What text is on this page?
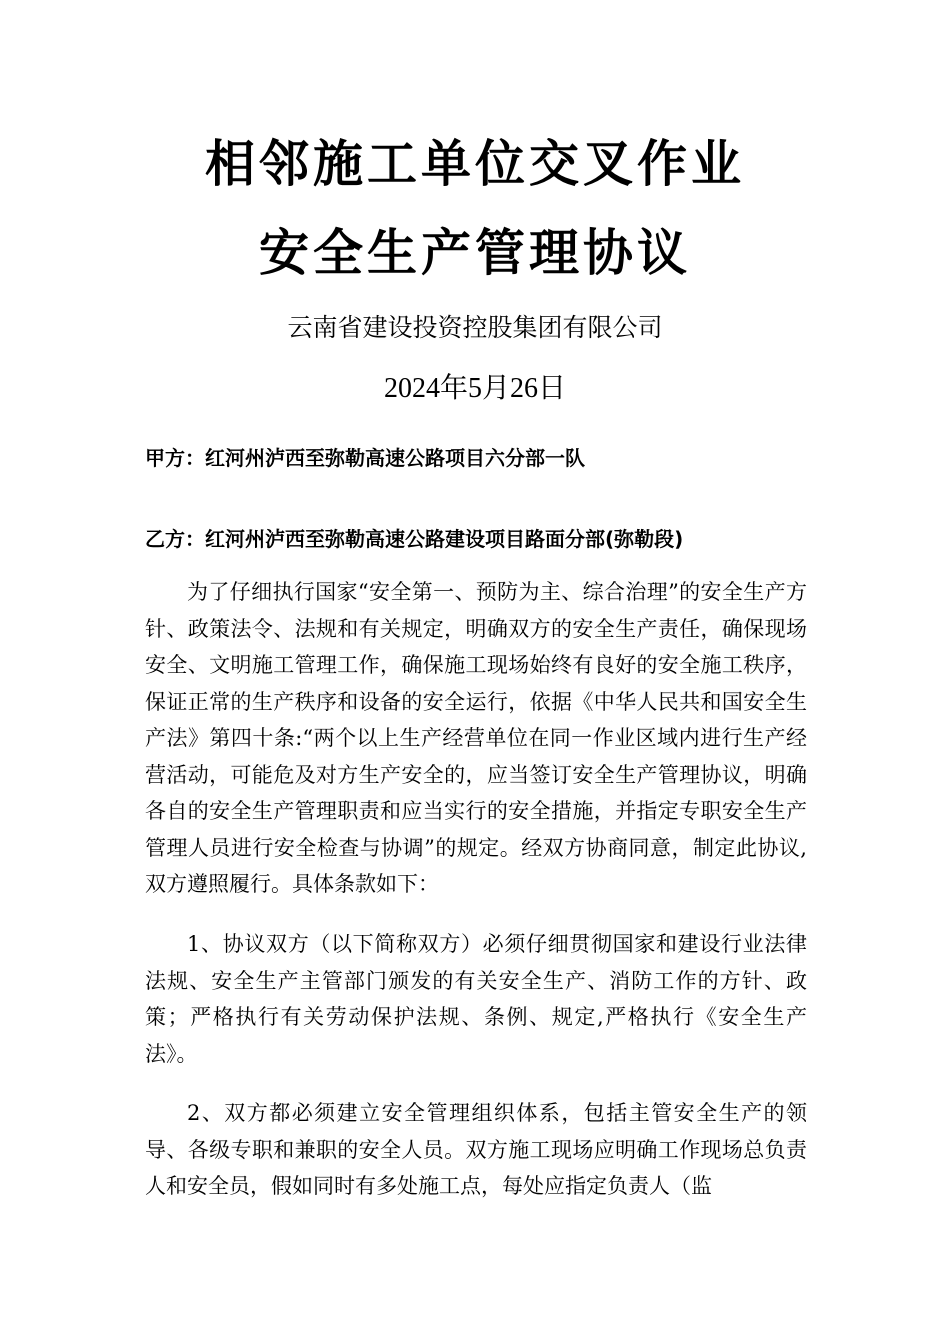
相邻施工单位交叉作业
安全生产管理协议
云南省建设投资控股集团有限公司
2024年5月26日
甲方：红河州泸西至弥勒高速公路项目六分部一队
乙方：红河州泸西至弥勒高速公路建设项目路面分部(弥勒段)

为了仔细执行国家“安全第一、预防为主、综合治理”的安全生产方针、政策法令、法规和有关规定，明确双方的安全生产责任，确保现场安全、文明施工管理工作，确保施工现场始终有良好的安全施工秩序，保证正常的生产秩序和设备的安全运行，依据《中华人民共和国安全生产法》第四十条:“两个以上生产经营单位在同一作业区域内进行生产经营活动，可能危及对方生产安全的，应当签订安全生产管理协议，明确各自的安全生产管理职责和应当实行的安全措施，并指定专职安全生产管理人员进行安全检查与协调”的规定。经双方协商同意，制定此协议,双方遵照履行。具体条款如下：

1、协议双方（以下简称双方）必须仔细贯彻国家和建设行业法律法规、安全生产主管部门颁发的有关安全生产、消防工作的方针、政策；严格执行有关劳动保护法规、条例、规定,严格执行《安全生产法》。

2、双方都必须建立安全管理组织体系，包括主管安全生产的领导、各级专职和兼职的安全人员。双方施工现场应明确工作现场总负责人和安全员，假如同时有多处施工点，每处应指定负责人（监
